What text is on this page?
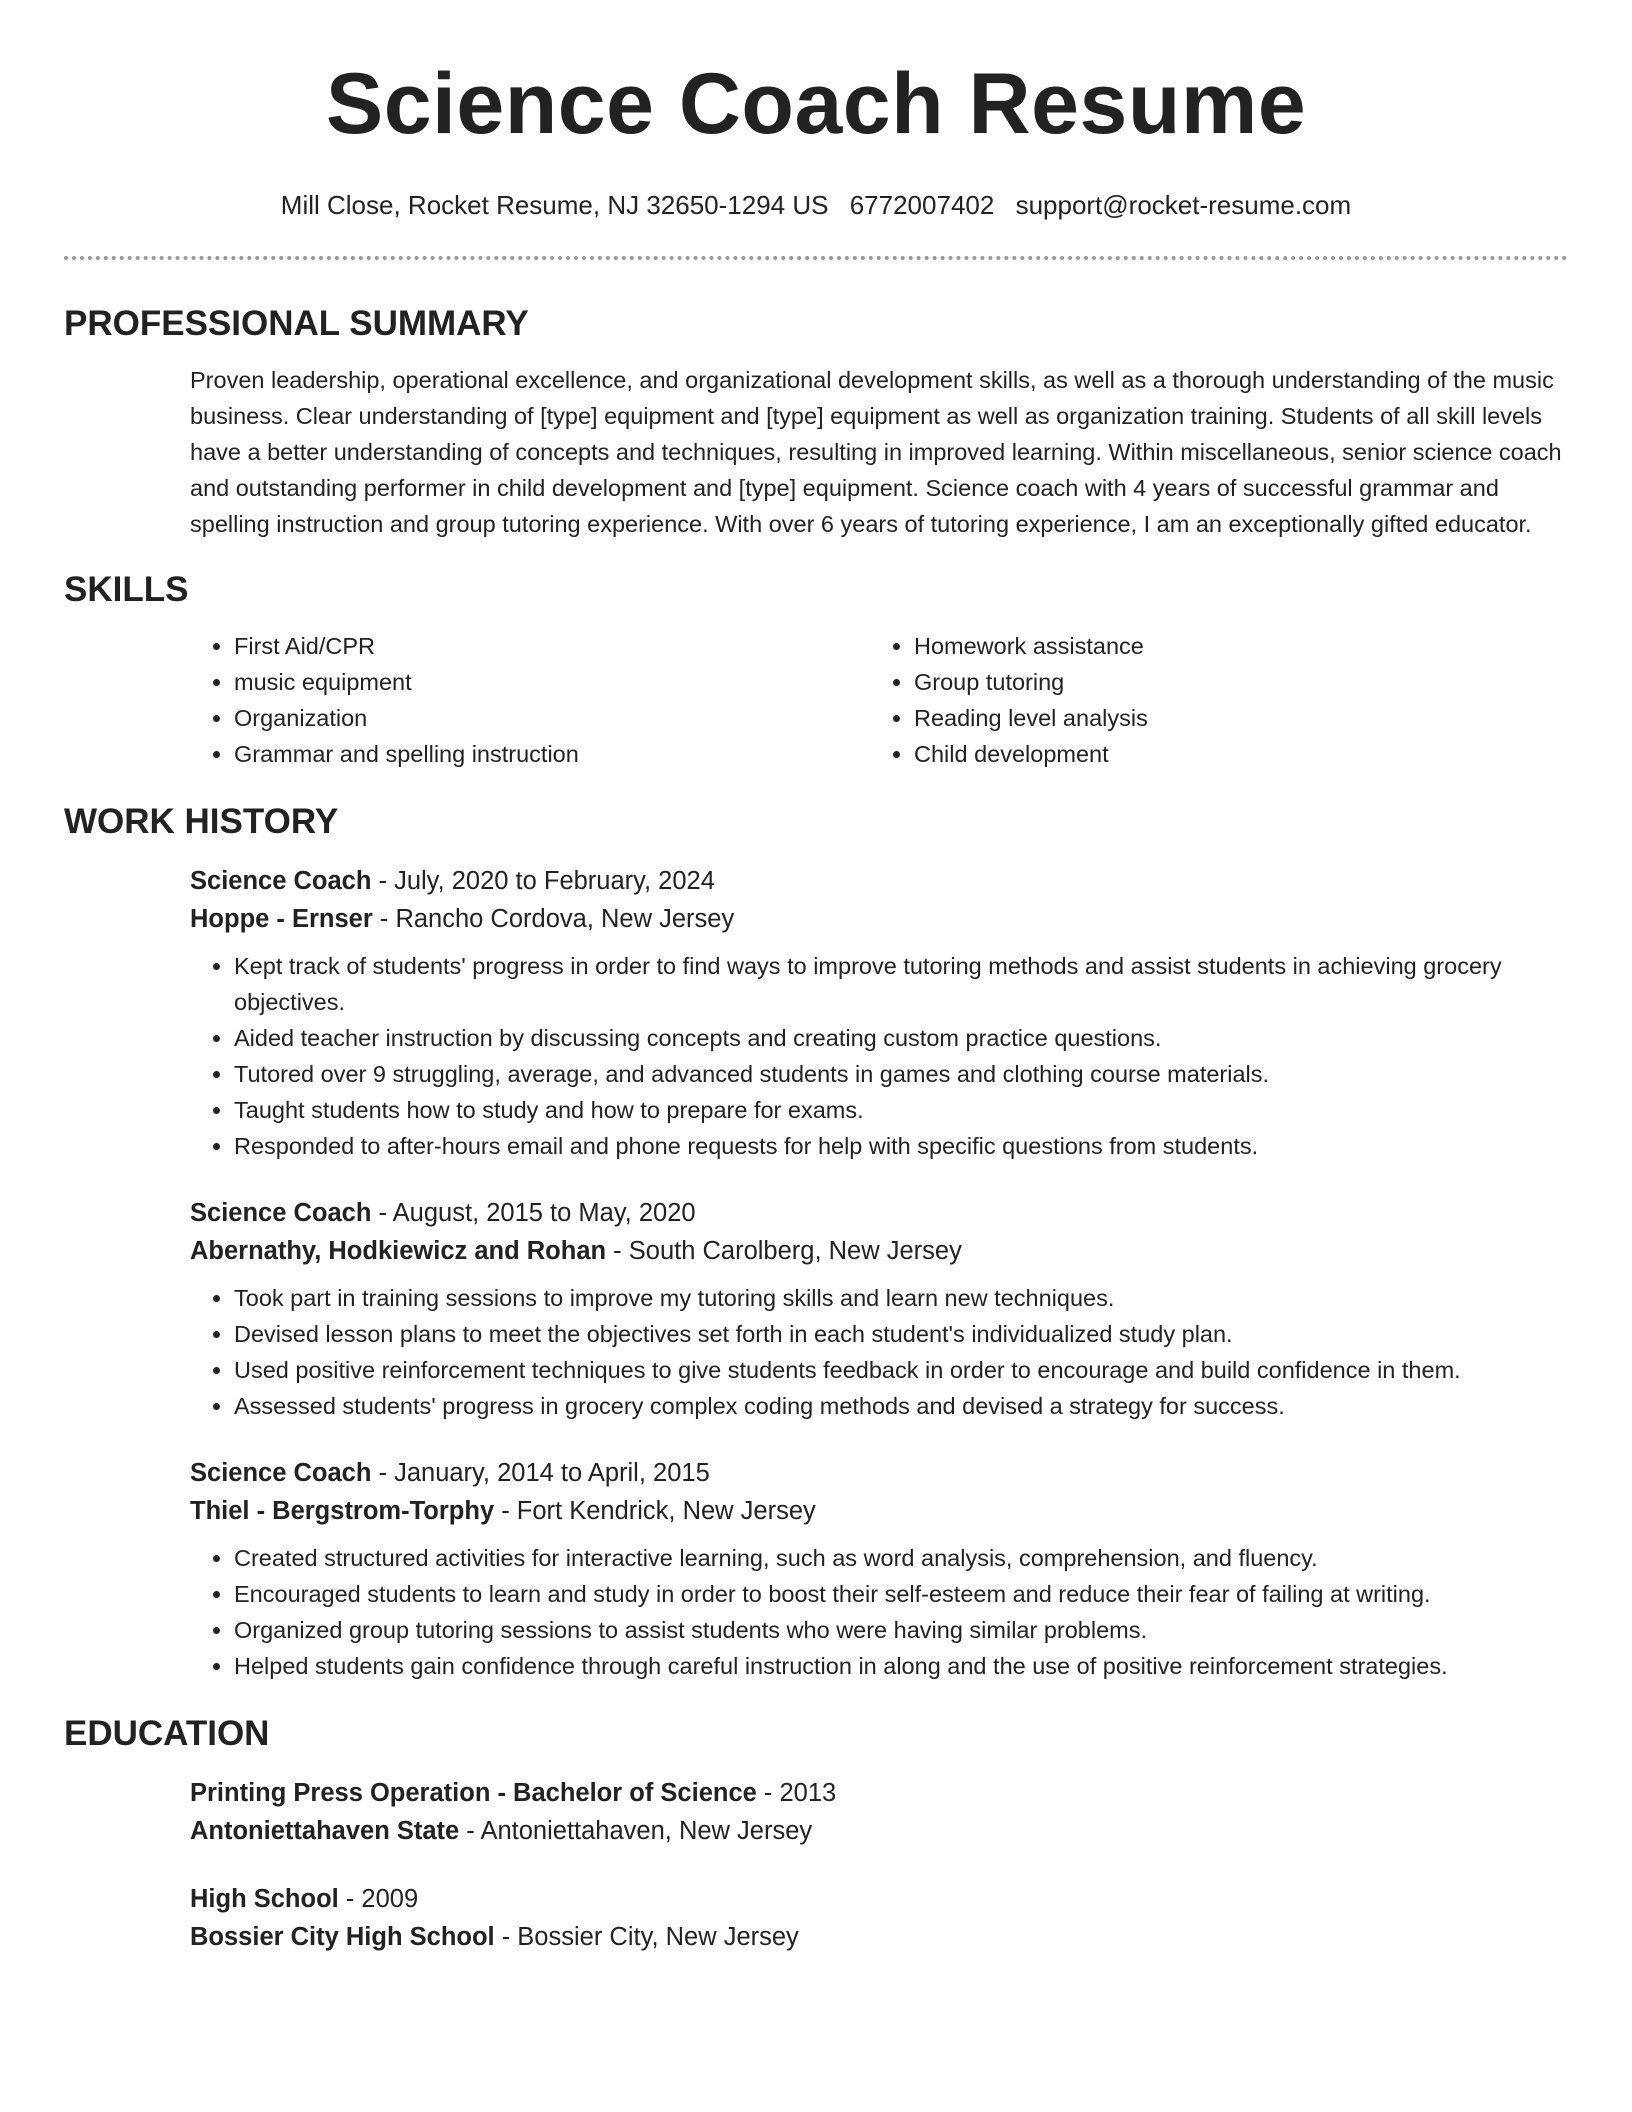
Science Coach Resume
Mill Close, Rocket Resume, NJ 32650-1294 US 6772007402 support@rocket-resume.com
PROFESSIONAL SUMMARY

Proven leadership, operational excellence, and organizational development skills, as well as a thorough understanding of the music business. Clear understanding of [type] equipment and [type] equipment as well as organization training. Students of all skill levels have a better understanding of concepts and techniques, resulting in improved learning. Within miscellaneous, senior science coach and outstanding performer in child development and [type] equipment. Science coach with 4 years of successful grammar and spelling instruction and group tutoring experience. With over 6 years of tutoring experience, I am an exceptionally gifted educator.

SKILLS
• First Aid/CPR
• music equipment
• Organization
• Grammar and spelling instruction
• Homework assistance
• Group tutoring
• Reading level analysis
• Child development
WORK HISTORY

Science Coach - July, 2020 to February, 2024

Hoppe - Ernser - Rancho Cordova, New Jersey

• Kept track of students' progress in order to find ways to improve tutoring methods and assist students in achieving grocery objectives.
• Aided teacher instruction by discussing concepts and creating custom practice questions.
• Tutored over 9 struggling, average, and advanced students in games and clothing course materials.
• Taught students how to study and how to prepare for exams.
• Responded to after-hours email and phone requests for help with specific questions from students.

Science Coach - August, 2015 to May, 2020

Abernathy, Hodkiewicz and Rohan - South Carolberg, New Jersey

• Took part in training sessions to improve my tutoring skills and learn new techniques.
• Devised lesson plans to meet the objectives set forth in each student's individualized study plan.
• Used positive reinforcement techniques to give students feedback in order to encourage and build confidence in them.
• Assessed students' progress in grocery complex coding methods and devised a strategy for success.

Science Coach - January, 2014 to April, 2015

Thiel - Bergstrom-Torphy - Fort Kendrick, New Jersey

• Created structured activities for interactive learning, such as word analysis, comprehension, and fluency.
• Encouraged students to learn and study in order to boost their self-esteem and reduce their fear of failing at writing.
• Organized group tutoring sessions to assist students who were having similar problems.
• Helped students gain confidence through careful instruction in along and the use of positive reinforcement strategies.
EDUCATION

Printing Press Operation - Bachelor of Science - 2013

Antoniettahaven State - Antoniettahaven, New Jersey

High School - 2009

Bossier City High School - Bossier City, New Jersey
